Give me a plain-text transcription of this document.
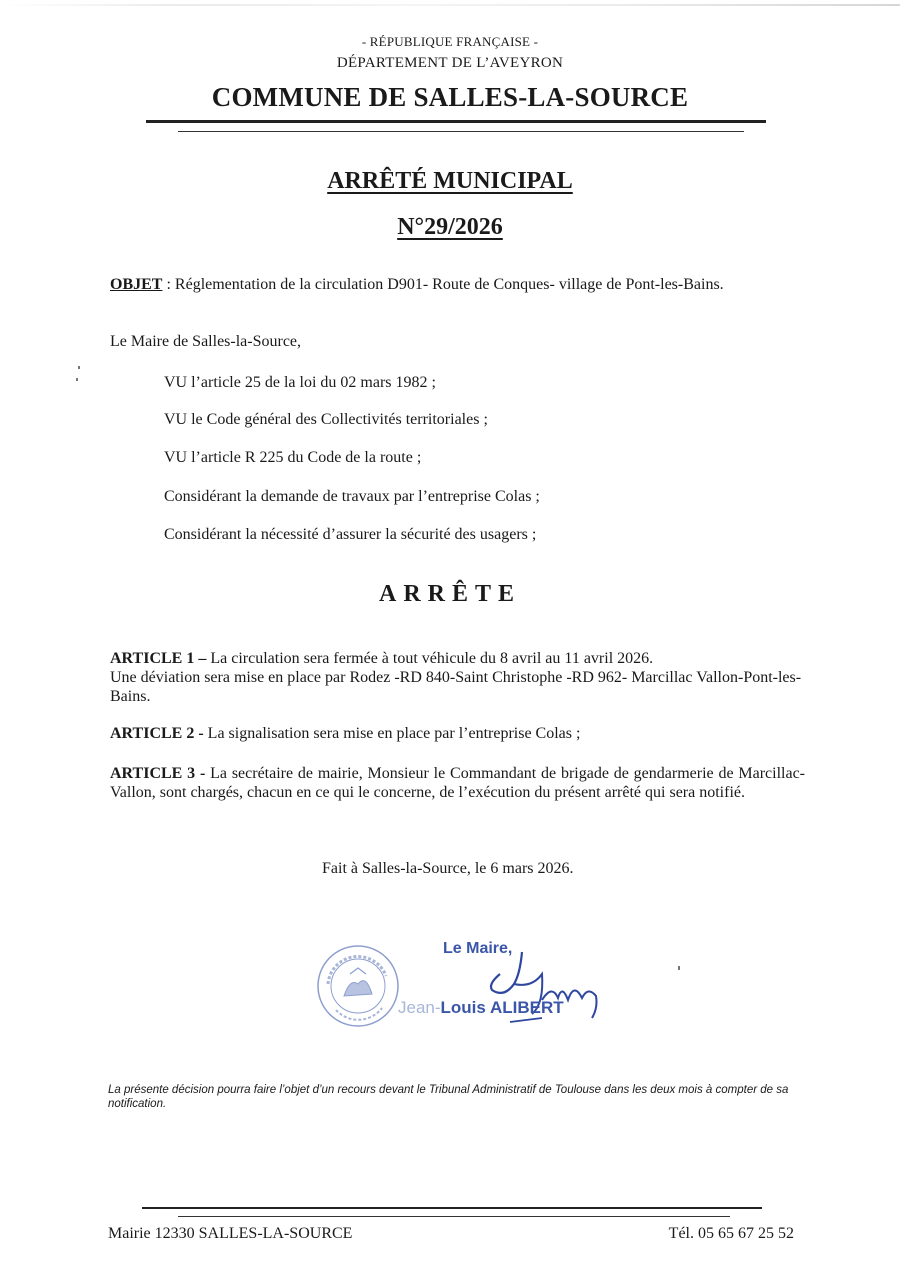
- RÉPUBLIQUE FRANÇAISE -
DÉPARTEMENT DE L’AVEYRON
COMMUNE DE SALLES-LA-SOURCE
ARRÊTÉ MUNICIPAL
N°29/2026
OBJET : Réglementation de la circulation D901- Route de Conques- village de Pont-les-Bains.
Le Maire de Salles-la-Source,
VU l’article 25 de la loi du 02 mars 1982 ;
VU le Code général des Collectivités territoriales ;
VU l’article R 225 du Code de la route ;
Considérant la demande de travaux par l’entreprise Colas ;
Considérant la nécessité d’assurer la sécurité des usagers ;
ARRÊTE
ARTICLE 1 – La circulation sera fermée à tout véhicule du 8 avril au 11 avril 2026.
Une déviation sera mise en place par Rodez -RD 840-Saint Christophe -RD 962- Marcillac Vallon-Pont-les-Bains.
ARTICLE 2 - La signalisation sera mise en place par l’entreprise Colas ;
ARTICLE 3 - La secrétaire de mairie, Monsieur le Commandant de brigade de gendarmerie de Marcillac-Vallon, sont chargés, chacun en ce qui le concerne, de l’exécution du présent arrêté qui sera notifié.
Fait à Salles-la-Source, le 6 mars 2026.
Le Maire,
Jean-Louis ALIBERT
La présente décision pourra faire l’objet d’un recours devant le Tribunal Administratif de Toulouse dans les deux mois à compter de sa notification.
Mairie 12330 SALLES-LA-SOURCE	Tél. 05 65 67 25 52
